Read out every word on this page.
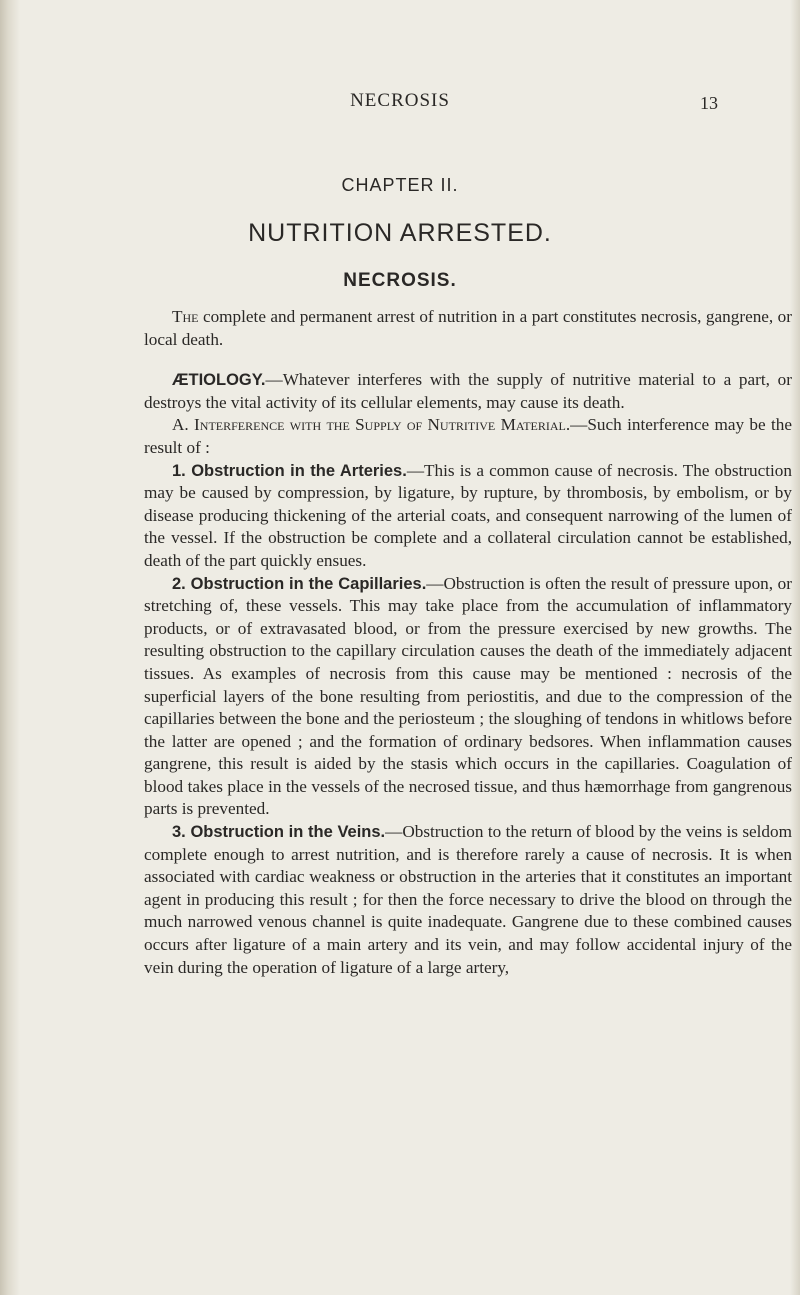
NECROSIS	13
CHAPTER II.
NUTRITION ARRESTED.
NECROSIS.

The complete and permanent arrest of nutrition in a part constitutes necrosis, gangrene, or local death.

ÆTIOLOGY.—Whatever interferes with the supply of nutritive material to a part, or destroys the vital activity of its cellular elements, may cause its death.

A. Interference with the Supply of Nutritive Material.—Such interference may be the result of :

1. Obstruction in the Arteries.—This is a common cause of necrosis. The obstruction may be caused by compression, by ligature, by rupture, by thrombosis, by embolism, or by disease producing thickening of the arterial coats, and consequent narrowing of the lumen of the vessel. If the obstruction be complete and a collateral circulation cannot be established, death of the part quickly ensues.

2. Obstruction in the Capillaries.—Obstruction is often the result of pressure upon, or stretching of, these vessels. This may take place from the accumulation of inflammatory products, or of extravasated blood, or from the pressure exercised by new growths. The resulting obstruction to the capillary circulation causes the death of the immediately adjacent tissues. As examples of necrosis from this cause may be mentioned : necrosis of the superficial layers of the bone resulting from periostitis, and due to the compression of the capillaries between the bone and the periosteum ; the sloughing of tendons in whitlows before the latter are opened ; and the formation of ordinary bedsores. When inflammation causes gangrene, this result is aided by the stasis which occurs in the capillaries. Coagulation of blood takes place in the vessels of the necrosed tissue, and thus hæmorrhage from gangrenous parts is prevented.

3. Obstruction in the Veins.—Obstruction to the return of blood by the veins is seldom complete enough to arrest nutrition, and is therefore rarely a cause of necrosis. It is when associated with cardiac weakness or obstruction in the arteries that it constitutes an important agent in producing this result ; for then the force necessary to drive the blood on through the much narrowed venous channel is quite inadequate. Gangrene due to these combined causes occurs after ligature of a main artery and its vein, and may follow accidental injury of the vein during the operation of ligature of a large artery,
